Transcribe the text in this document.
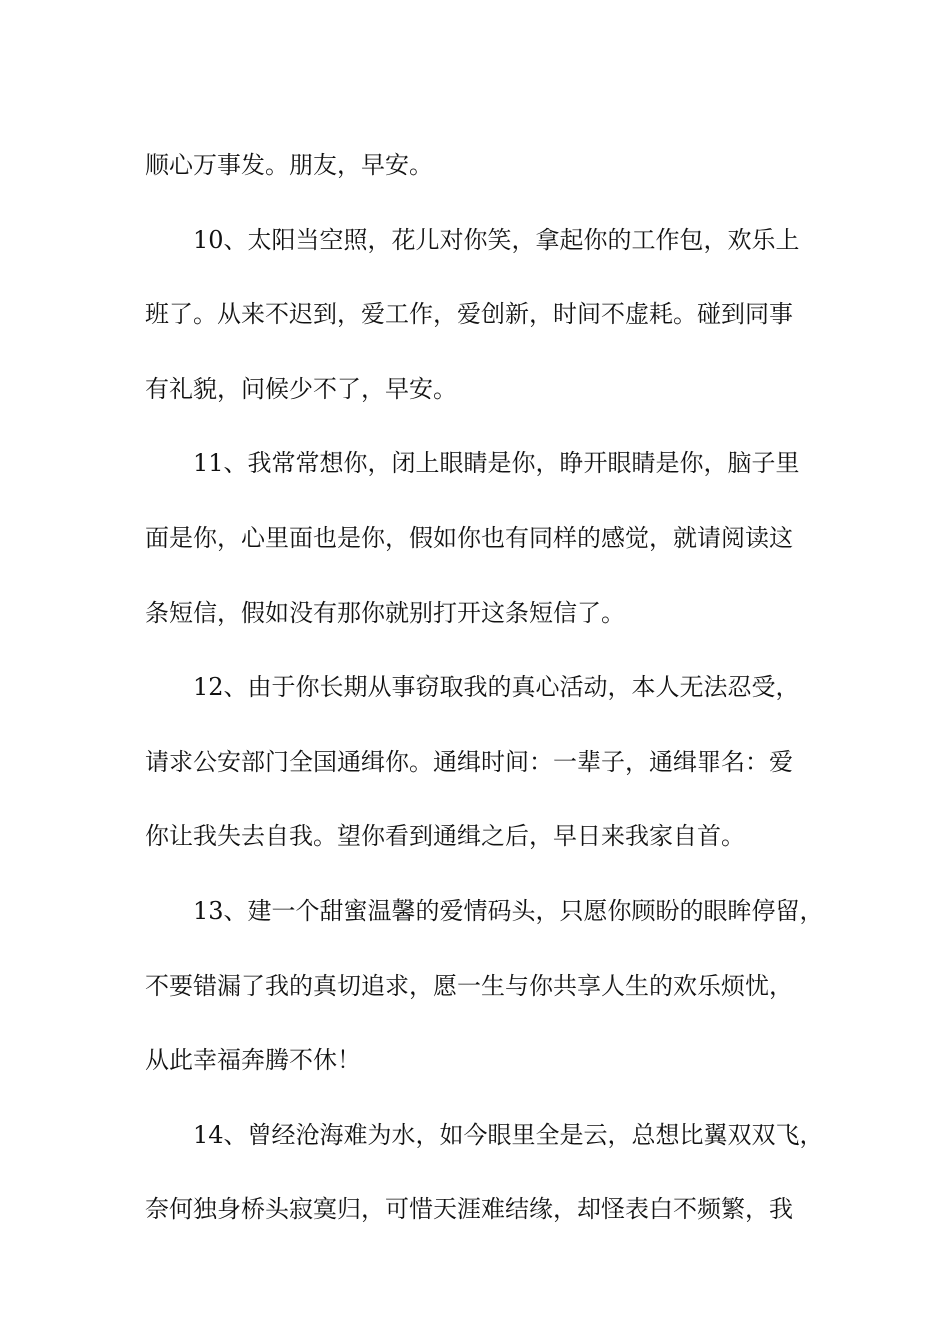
顺心万事发。朋友，早安。
10、太阳当空照，花儿对你笑，拿起你的工作包，欢乐上
班了。从来不迟到，爱工作，爱创新，时间不虚耗。碰到同事
有礼貌，问候少不了，早安。
11、我常常想你，闭上眼睛是你，睁开眼睛是你，脑子里
面是你，心里面也是你，假如你也有同样的感觉，就请阅读这
条短信，假如没有那你就别打开这条短信了。
12、由于你长期从事窃取我的真心活动，本人无法忍受，
请求公安部门全国通缉你。通缉时间：一辈子，通缉罪名：爱
你让我失去自我。望你看到通缉之后，早日来我家自首。
13、建一个甜蜜温馨的爱情码头，只愿你顾盼的眼眸停留，
不要错漏了我的真切追求，愿一生与你共享人生的欢乐烦忧，
从此幸福奔腾不休！
14、曾经沧海难为水，如今眼里全是云，总想比翼双双飞，
奈何独身桥头寂寞归，可惜天涯难结缘，却怪表白不频繁，我
